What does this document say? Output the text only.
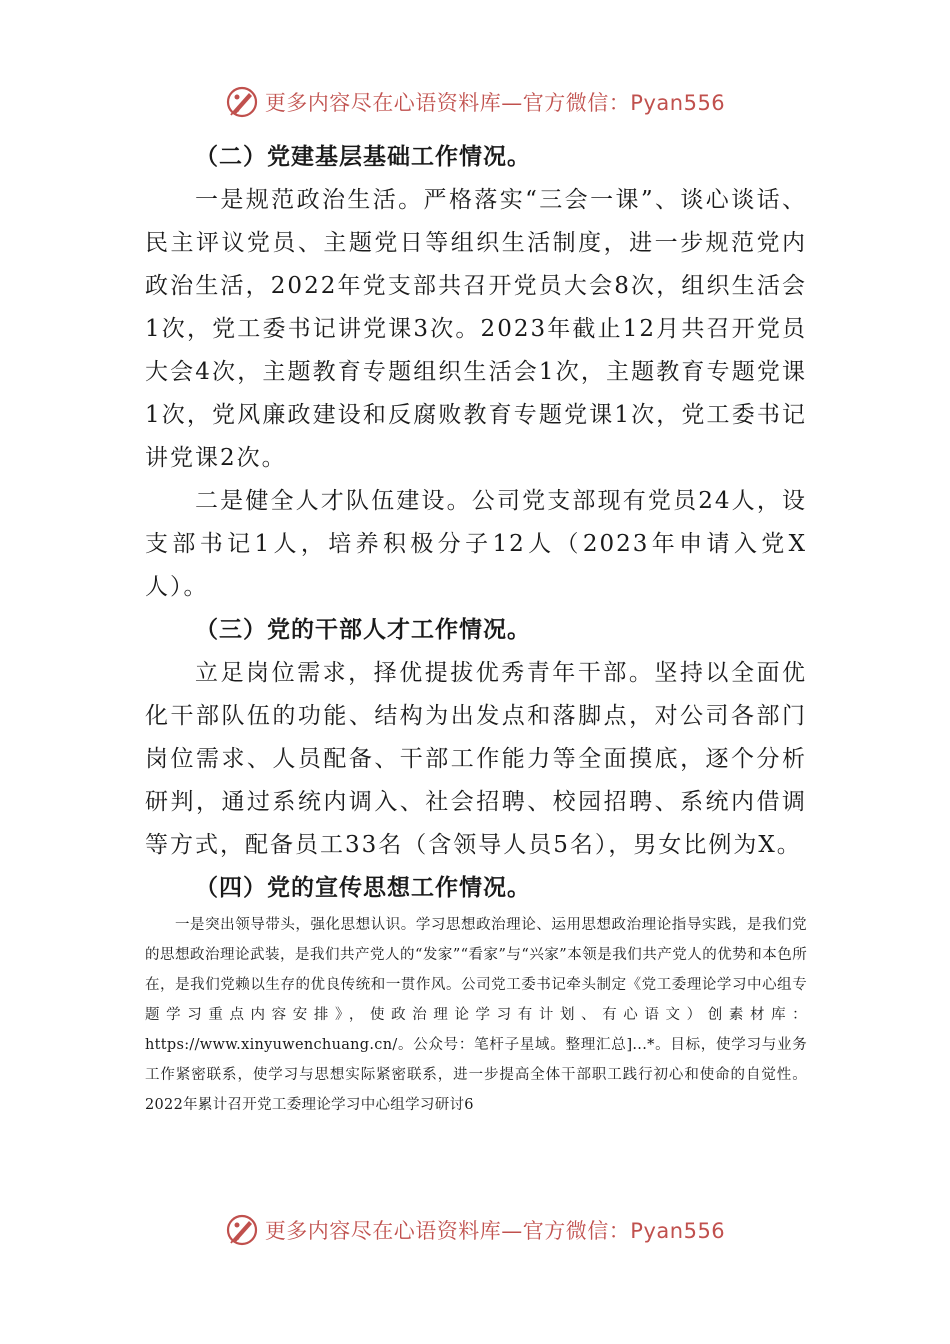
更多内容尽在心语资料库—官方微信：Pyan556

（二）党建基层基础工作情况。

一是规范政治生活。严格落实“三会一课”、谈心谈话、民主评议党员、主题党日等组织生活制度，进一步规范党内政治生活，2022年党支部共召开党员大会8次，组织生活会1次，党工委书记讲党课3次。2023年截止12月共召开党员大会4次，主题教育专题组织生活会1次，主题教育专题党课1次，党风廉政建设和反腐败教育专题党课1次，党工委书记讲党课2次。

二是健全人才队伍建设。公司党支部现有党员24人，设支部书记1人，培养积极分子12人（2023年申请入党X人）。

（三）党的干部人才工作情况。

立足岗位需求，择优提拔优秀青年干部。坚持以全面优化干部队伍的功能、结构为出发点和落脚点，对公司各部门岗位需求、人员配备、干部工作能力等全面摸底，逐个分析研判，通过系统内调入、社会招聘、校园招聘、系统内借调等方式，配备员工33名（含领导人员5名），男女比例为X。

（四）党的宣传思想工作情况。

一是突出领导带头，强化思想认识。学习思想政治理论、运用思想政治理论指导实践，是我们党的思想政治理论武装，是我们共产党人的“发家”“看家”与“兴家”本领是我们共产党人的优势和本色所在，是我们党赖以生存的优良传统和一贯作风。公司党工委书记牵头制定《党工委理论学习中心组专题学习重点内容安排》，使政治理论学习有计划、有心语文）创素材库：https://www.xinyuwenchuang.cn/。公众号：笔杆子星域。整理汇总]...*。目标，使学习与业务工作紧密联系，使学习与思想实际紧密联系，进一步提高全体干部职工践行初心和使命的自觉性。2022年累计召开党工委理论学习中心组学习研讨6

更多内容尽在心语资料库—官方微信：Pyan556
